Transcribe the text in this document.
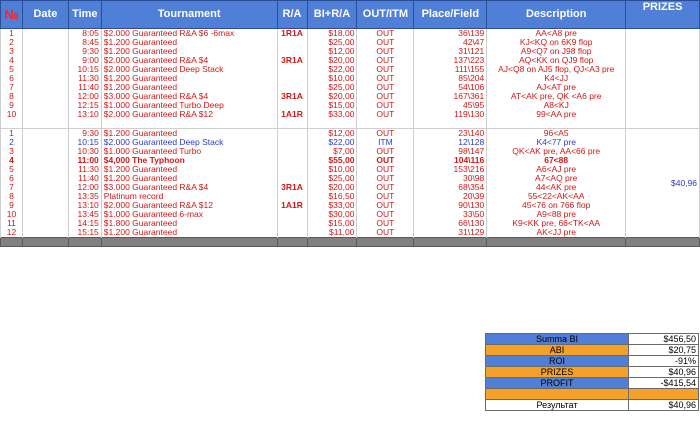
№	Date	Time	Tournament	R/A	BI+R/A	OUT/ITM	Place/Field	Description	PRIZES
1		8:05	$2.000 Guaranteed R&A $6 -6max	1R1A	$18,00	OUT	36\139	AA<A8 pre	
2		8:45	$1.200 Guaranteed		$25,00	OUT	42\47	KJ<KQ on 6K9 flop	
3		9:30	$1.200 Guaranteed		$12,00	OUT	31\121	A9<Q7 on J98 flop	
4		9:00	$2.000 Guaranteed R&A $4	3R1A	$20,00	OUT	137\223	AQ<KK on QJ9 flop	
5		10:15	$2.000 Guaranteed Deep Stack		$22,00	OUT	111\155	AJ<Q8 on AJ5 flop, QJ<A3 pre	
6		11:30	$1.200 Guaranteed		$10,00	OUT	85\204	K4<JJ	
7		11:40	$1.200 Guaranteed		$25,00	OUT	54\106	AJ<AT pre	
8		12:00	$3.000 Guaranteed R&A $4	3R1A	$20,00	OUT	167\361	AT<AK pre, QK <A6 pre	
9		12:15	$1.000 Guaranteed Turbo Deep		$15,00	OUT	45\95	A8<KJ	
10		13:10	$2.000 Guaranteed R&A $12	1A1R	$33,00	OUT	119\130	99<AA pre	

1		9:30	$1.200 Guaranteed		$12,00	OUT	23\140	96<A5	$40,96
2		10:15	$2.000 Guaranteed Deep Stack		$22,00	ITM	12\128	K4<77 pre	
3		10:30	$1.000 Guaranteed Turbo		$7,00	OUT	98\147	QK<AK pre, AA<66 pre	
4		11:00	$4,000 The Typhoon		$55,00	OUT	104\116	67<88	
5		11:30	$1.200 Guaranteed		$10,00	OUT	153\216	A6<AJ pre	
6		11:40	$1.200 Guaranteed		$25,00	OUT	30\98	A7<AQ pre	
7		12:00	$3.000 Guaranteed R&A $4	3R1A	$20,00	OUT	68\354	44<AK pre	
8		13:35	Platinum record		$16,50	OUT	20\39	55<22<AK<AA	
9		13:10	$2.000 Guaranteed R&A $12	1A1R	$33,00	OUT	90\130	45<76 on 766 flop	
10		13:45	$1.000 Guaranteed 6-max		$30,00	OUT	33\50	A9<88 pre	
11		14:15	$1.800 Guaranteed		$15,00	OUT	66\130	K9<KK pre, 66<TK<AA	
12		15:15	$1.200 Guaranteed		$11,00	OUT	31\129	AK<JJ pre	

Summa BI	$456,50
ABI	$20,75
ROI	-91%
PRIZES	$40,96
PROFIT	-$415,54

Результат	$40,96
